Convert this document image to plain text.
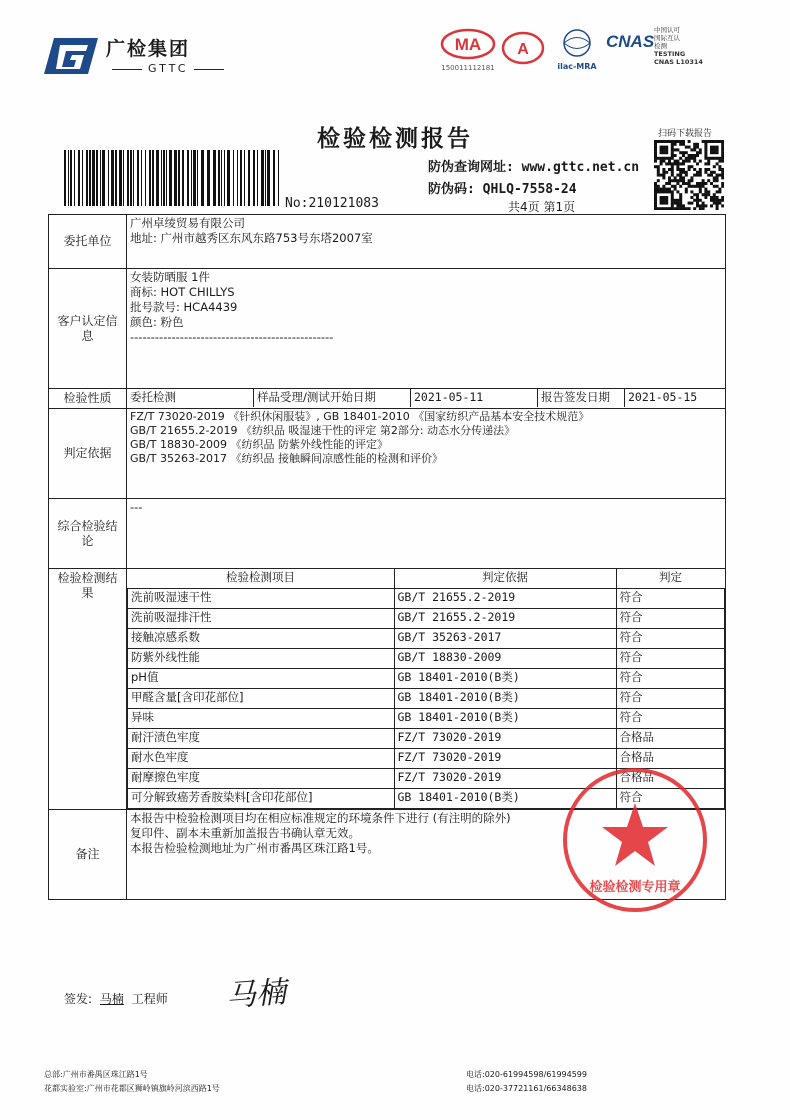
广检集团
GTTC
MA
150011112181
A
ilac-MRA
CNAS
中国认可
国际互认
检测
TESTING
CNAS L10314
检验检测报告
No:210121083
防伪查询网址: www.gttc.net.cn
防伪码: QHLQ-7558-24
共4页 第1页
扫码下载报告
委托单位	
广州卓绫贸易有限公司
地址: 广州市越秀区东风东路753号东塔2007室

客户认定信息	
女装防晒服 1件
商标: HOT CHILLYS
批号款号: HCA4439
颜色: 粉色
-------------------------------------------------

检验性质	委托检测	样品受理/测试开始日期	2021-05-11	报告签发日期	2021-05-15

判定依据	
FZ/T 73020-2019 《针织休闲服装》, GB 18401-2010 《国家纺织产品基本安全技术规范》
GB/T 21655.2-2019 《纺织品 吸湿速干性的评定 第2部分: 动态水分传递法》
GB/T 18830-2009 《纺织品 防紫外线性能的评定》
GB/T 35263-2017 《纺织品 接触瞬间凉感性能的检测和评价》

综合检验结论	---
检验检测结果	
检验检测项目	判定依据	判定
洗前吸湿速干性	GB/T 21655.2-2019	符合
洗前吸湿排汗性	GB/T 21655.2-2019	符合
接触凉感系数	GB/T 35263-2017	符合
防紫外线性能	GB/T 18830-2009	符合
pH值	GB 18401-2010(B类)	符合
甲醛含量[含印花部位]	GB 18401-2010(B类)	符合
异味	GB 18401-2010(B类)	符合
耐汗渍色牢度	FZ/T 73020-2019	合格品
耐水色牢度	FZ/T 73020-2019	合格品
耐摩擦色牢度	FZ/T 73020-2019	合格品
可分解致癌芳香胺染料[含印花部位]	GB 18401-2010(B类)	符合

备注	
本报告中检验检测项目均在相应标准规定的环境条件下进行 (有注明的除外)
复印件、副本未重新加盖报告书确认章无效。
本报告检验检测地址为广州市番禺区珠江路1号。
检验检测专用章
签发: 马楠 工程师 马楠
总部:广州市番禺区珠江路1号
花都实验室:广州市花都区狮岭镇旗岭河滨西路1号
电话:020-61994598/61994599
电话:020-37721161/66348638
